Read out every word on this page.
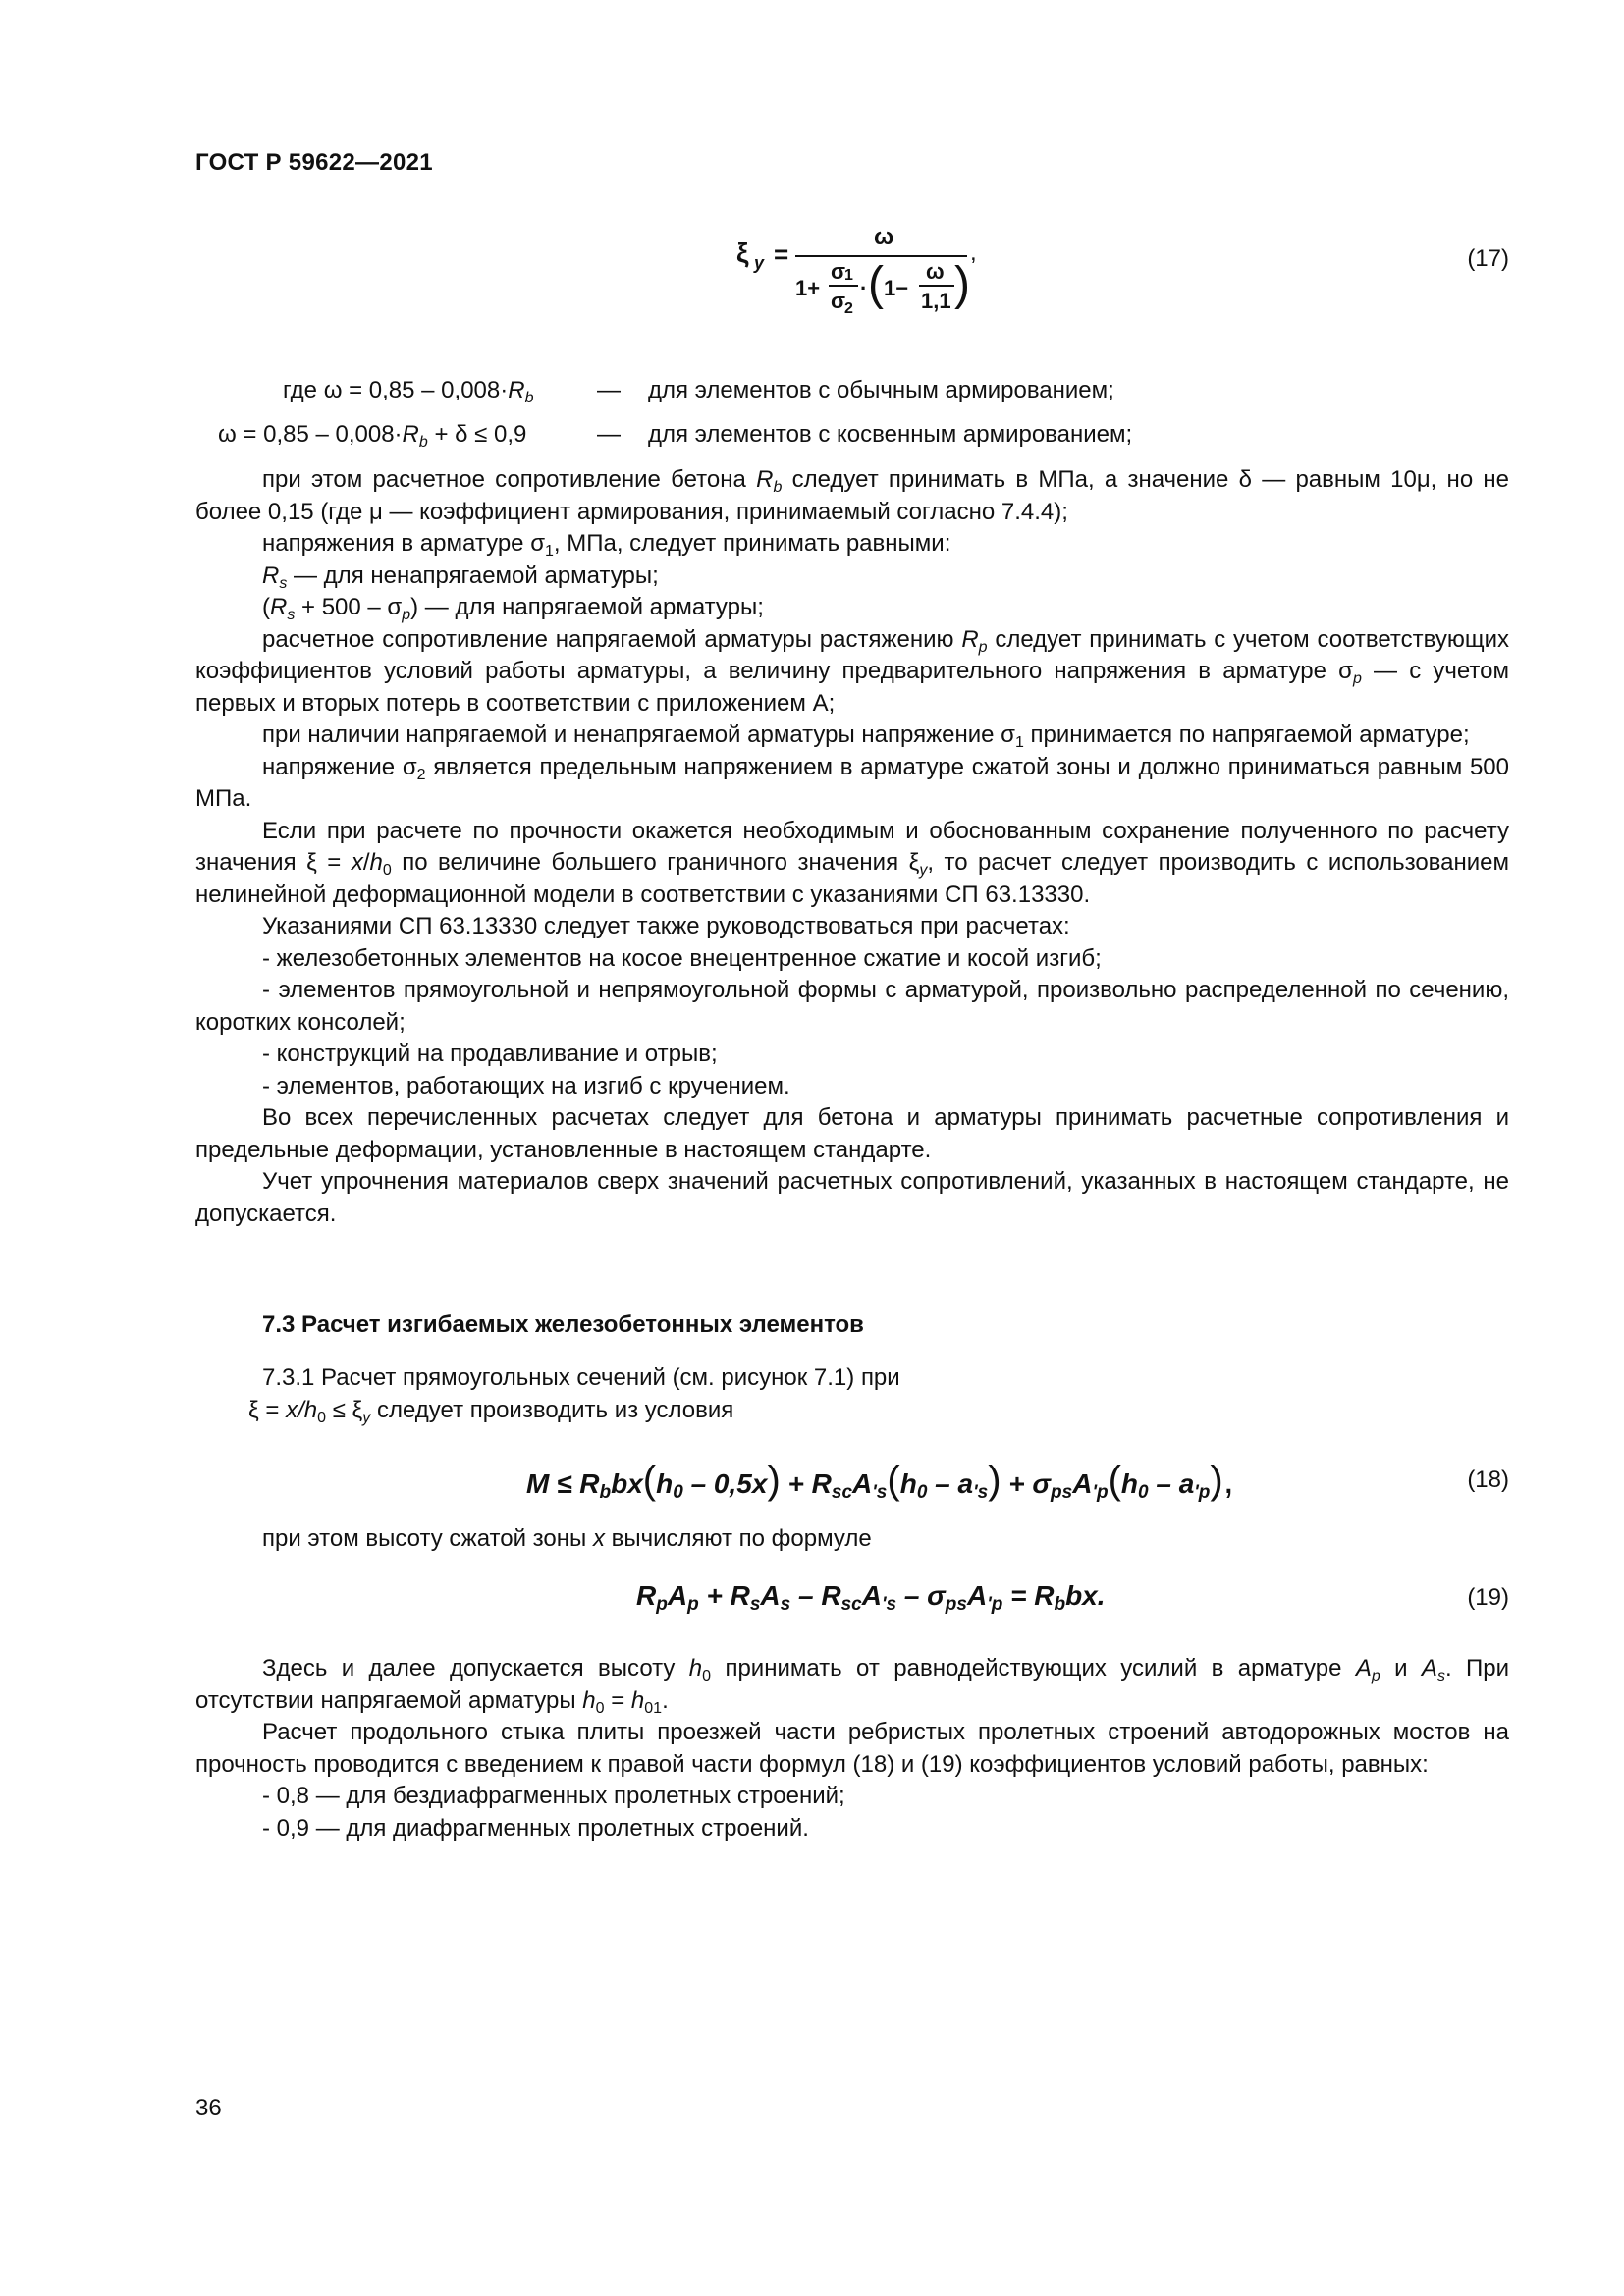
ГОСТ Р 59622—2021
ξ y =
ω
1+
σ
1
σ
2
· ( 1−
ω
1,1 )
,	(17)
где $\omega = 0,85 - 0,008\cdot R_b$	— для элементов с обычным армированием;
$\omega = 0,85 - 0,008\cdot R_b + \delta \le 0,9$	— для элементов с косвенным армированием;

при этом расчетное сопротивление бетона $R_b$ следует принимать в МПа, а значение δ — равным 10μ, но не более 0,15 (где μ — коэффициент армирования, принимаемый согласно 7.4.4);

напряжения в арматуре $\sigma_1$, МПа, следует принимать равными:

$R_s$ — для ненапрягаемой арматуры;

$(R_s + 500 - \sigma_p)$ — для напрягаемой арматуры;

расчетное сопротивление напрягаемой арматуры растяжению $R_p$ следует принимать с учетом соответствующих коэффициентов условий работы арматуры, а величину предварительного напряжения в арматуре $\sigma_p$ — с учетом первых и вторых потерь в соответствии с приложением А;

при наличии напрягаемой и ненапрягаемой арматуры напряжение $\sigma_1$ принимается по напрягаемой арматуре;

напряжение $\sigma_2$ является предельным напряжением в арматуре сжатой зоны и должно приниматься равным 500 МПа.

Если при расчете по прочности окажется необходимым и обоснованным сохранение полученного по расчету значения $\xi = x/h_0$ по величине большего граничного значения $\xi_y$, то расчет следует производить с использованием нелинейной деформационной модели в соответствии с указаниями СП 63.13330.

Указаниями СП 63.13330 следует также руководствоваться при расчетах:

- железобетонных элементов на косое внецентренное сжатие и косой изгиб;

- элементов прямоугольной и непрямоугольной формы с арматурой, произвольно распределенной по сечению, коротких консолей;

- конструкций на продавливание и отрыв;

- элементов, работающих на изгиб с кручением.

Во всех перечисленных расчетах следует для бетона и арматуры принимать расчетные сопротивления и предельные деформации, установленные в настоящем стандарте.

Учет упрочнения материалов сверх значений расчетных сопротивлений, указанных в настоящем стандарте, не допускается.

7.3 Расчет изгибаемых железобетонных элементов

7.3.1 Расчет прямоугольных сечений (см. рисунок 7.1) при

$\xi = x/h_0 \le \xi_y$ следует производить из условия

$M \le R_bbx(h_0 - 0,5x) + R_{sc}A_{'s}(h_0 - a_{'s}) + \sigma_{ps}A_{'p}(h_0 - a_{'p})$,	(18)

при этом высоту сжатой зоны x вычисляют по формуле

$R_pA_p + R_sA_s - R_{sc}A_{'s} - \sigma_{ps}A_{'p} = R_bbx$.	(19)

Здесь и далее допускается высоту $h_0$ принимать от равнодействующих усилий в арматуре $A_p$ и $A_s$. При отсутствии напрягаемой арматуры $h_0 = h_{01}$.

Расчет продольного стыка плиты проезжей части ребристых пролетных строений автодорожных мостов на прочность проводится с введением к правой части формул (18) и (19) коэффициентов условий работы, равных:

- 0,8 — для бездиафрагменных пролетных строений;

- 0,9 — для диафрагменных пролетных строений.

36
